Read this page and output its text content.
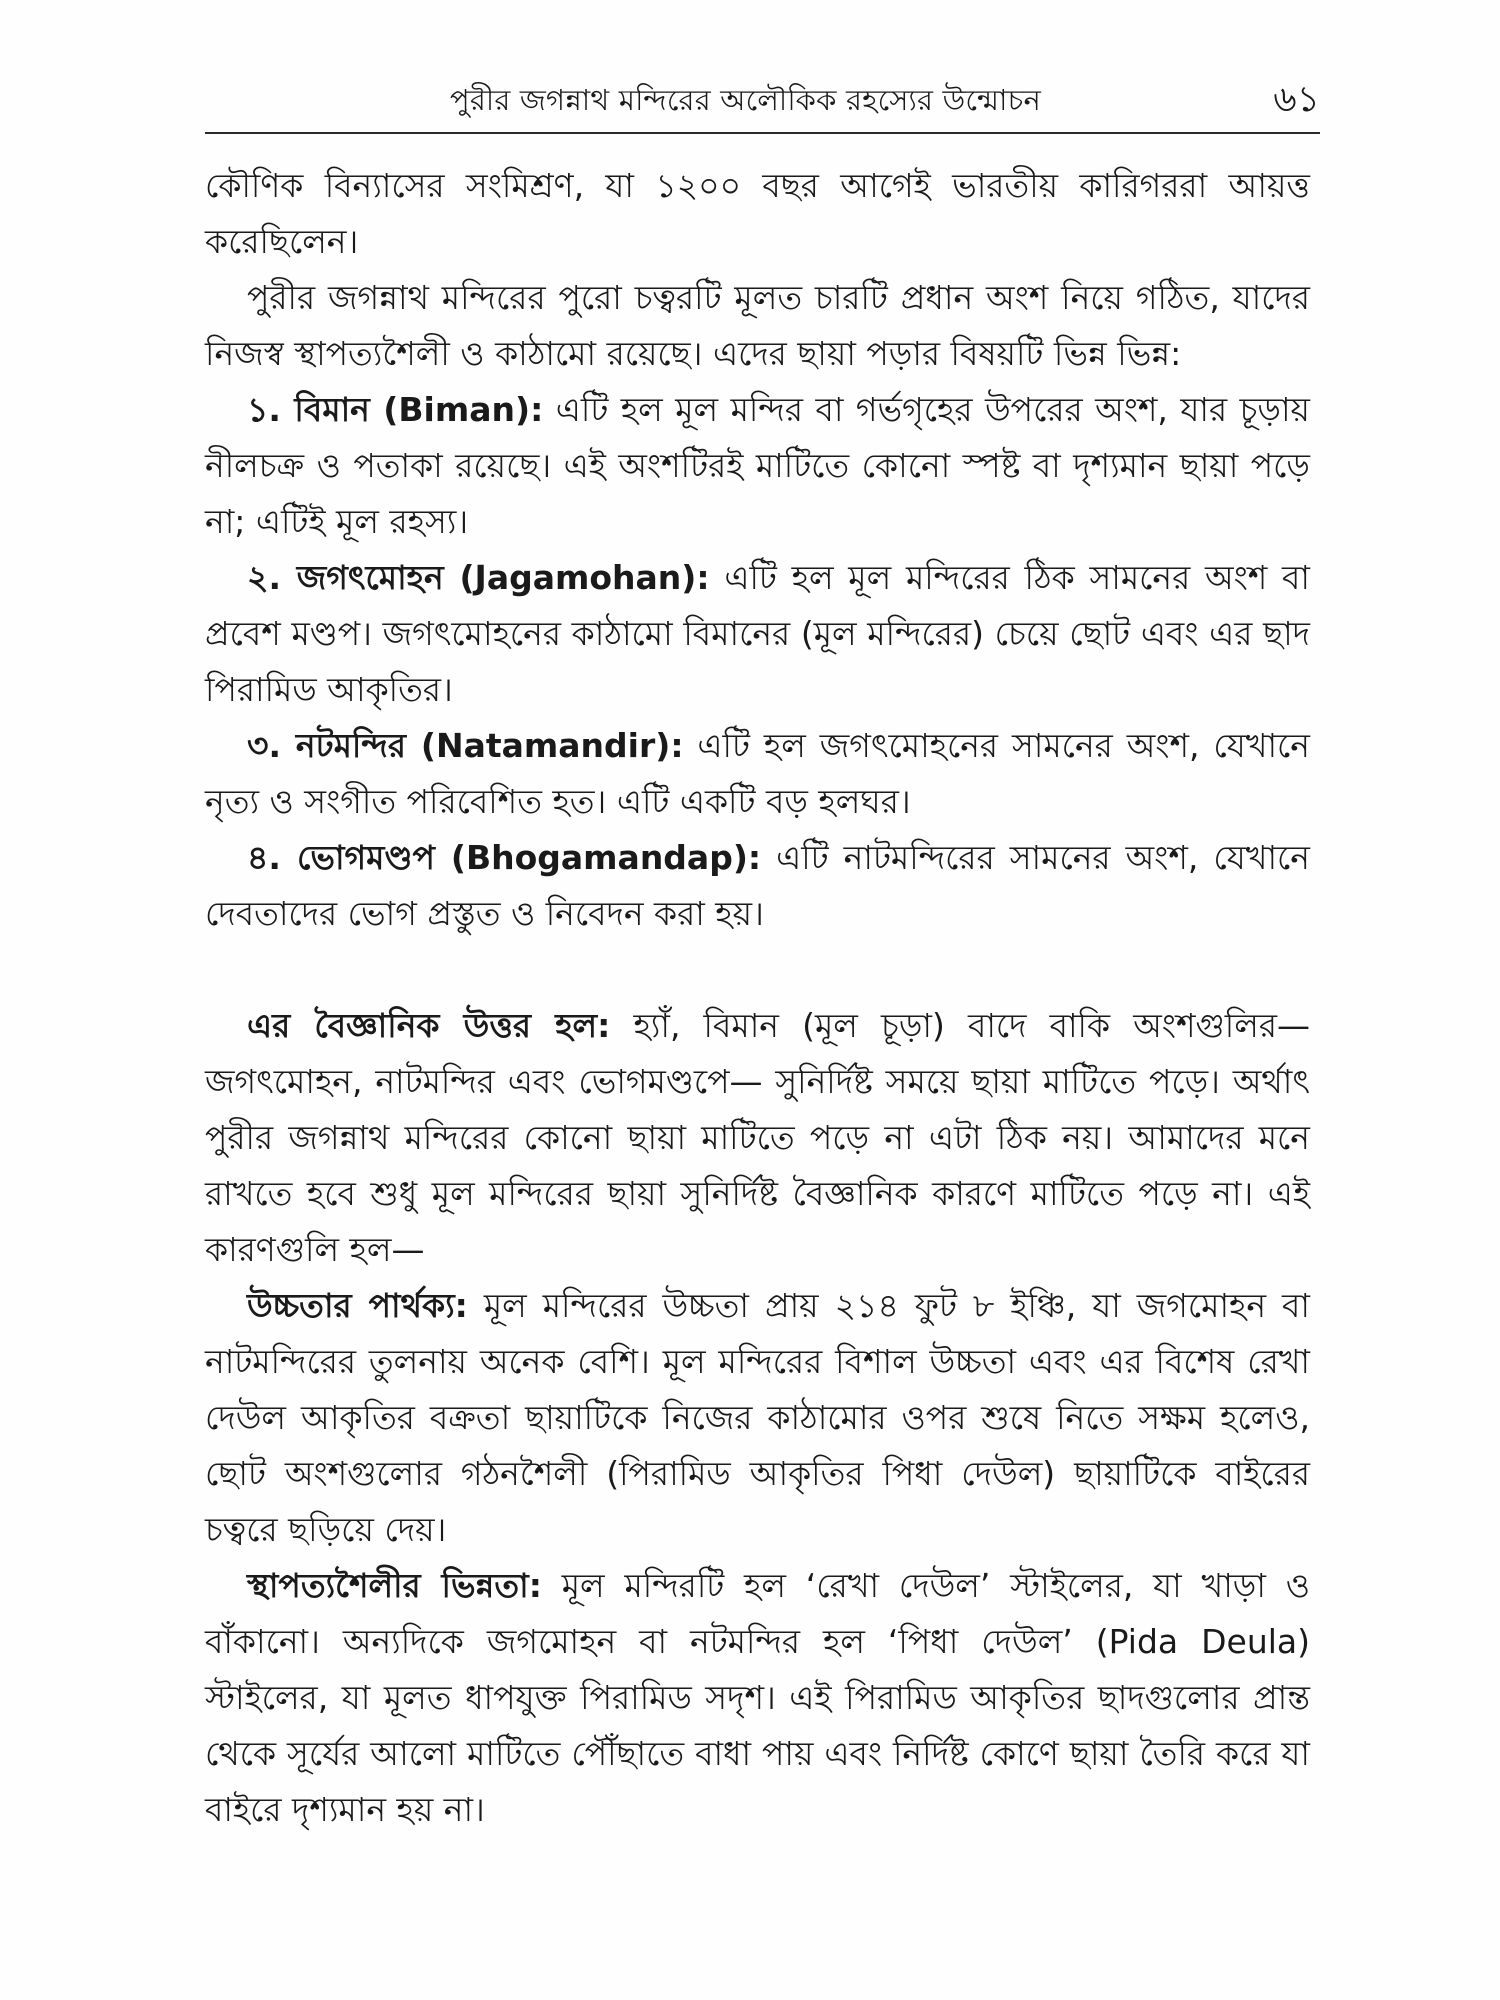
পুরীর জগন্নাথ মন্দিরের অলৌকিক রহস্যের উন্মোচন	৬১

কৌণিক বিন্যাসের সংমিশ্রণ, যা ১২০০ বছর আগেই ভারতীয় কারিগররা আয়ত্ত করেছিলেন।

পুরীর জগন্নাথ মন্দিরের পুরো চত্বরটি মূলত চারটি প্রধান অংশ নিয়ে গঠিত, যাদের নিজস্ব স্থাপত্যশৈলী ও কাঠামো রয়েছে। এদের ছায়া পড়ার বিষয়টি ভিন্ন ভিন্ন:

১. বিমান (Biman): এটি হল মূল মন্দির বা গর্ভগৃহের উপরের অংশ, যার চূড়ায় নীলচক্র ও পতাকা রয়েছে। এই অংশটিরই মাটিতে কোনো স্পষ্ট বা দৃশ্যমান ছায়া পড়ে না; এটিই মূল রহস্য।

২. জগৎমোহন (Jagamohan): এটি হল মূল মন্দিরের ঠিক সামনের অংশ বা প্রবেশ মণ্ডপ। জগৎমোহনের কাঠামো বিমানের (মূল মন্দিরের) চেয়ে ছোট এবং এর ছাদ পিরামিড আকৃতির।

৩. নটমন্দির (Natamandir): এটি হল জগৎমোহনের সামনের অংশ, যেখানে নৃত্য ও সংগীত পরিবেশিত হত। এটি একটি বড় হলঘর।

৪. ভোগমণ্ডপ (Bhogamandap): এটি নাটমন্দিরের সামনের অংশ, যেখানে দেবতাদের ভোগ প্রস্তুত ও নিবেদন করা হয়।

এর বৈজ্ঞানিক উত্তর হল: হ্যাঁ, বিমান (মূল চূড়া) বাদে বাকি অংশগুলির— জগৎমোহন, নাটমন্দির এবং ভোগমণ্ডপে— সুনির্দিষ্ট সময়ে ছায়া মাটিতে পড়ে। অর্থাৎ পুরীর জগন্নাথ মন্দিরের কোনো ছায়া মাটিতে পড়ে না এটা ঠিক নয়। আমাদের মনে রাখতে হবে শুধু মূল মন্দিরের ছায়া সুনির্দিষ্ট বৈজ্ঞানিক কারণে মাটিতে পড়ে না। এই কারণগুলি হল—

উচ্চতার পার্থক্য: মূল মন্দিরের উচ্চতা প্রায় ২১৪ ফুট ৮ ইঞ্চি, যা জগমোহন বা নাটমন্দিরের তুলনায় অনেক বেশি। মূল মন্দিরের বিশাল উচ্চতা এবং এর বিশেষ রেখা দেউল আকৃতির বক্রতা ছায়াটিকে নিজের কাঠামোর ওপর শুষে নিতে সক্ষম হলেও, ছোট অংশগুলোর গঠনশৈলী (পিরামিড আকৃতির পিধা দেউল) ছায়াটিকে বাইরের চত্বরে ছড়িয়ে দেয়।

স্থাপত্যশৈলীর ভিন্নতা: মূল মন্দিরটি হল ‘রেখা দেউল’ স্টাইলের, যা খাড়া ও বাঁকানো। অন্যদিকে জগমোহন বা নটমন্দির হল ‘পিধা দেউল’ (Pida Deula) স্টাইলের, যা মূলত ধাপযুক্ত পিরামিড সদৃশ। এই পিরামিড আকৃতির ছাদগুলোর প্রান্ত থেকে সূর্যের আলো মাটিতে পৌঁছাতে বাধা পায় এবং নির্দিষ্ট কোণে ছায়া তৈরি করে যা বাইরে দৃশ্যমান হয় না।
